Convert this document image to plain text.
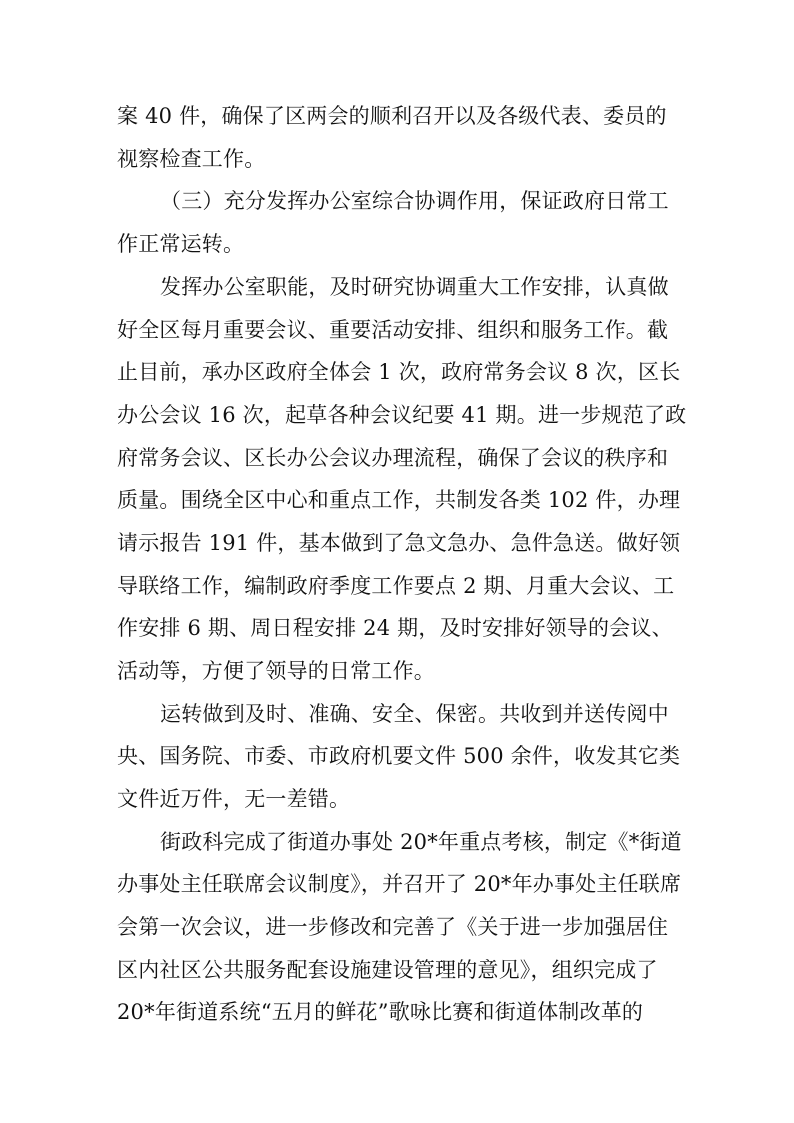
案 40 件，确保了区两会的顺利召开以及各级代表、委员的
视察检查工作。
（三）充分发挥办公室综合协调作用，保证政府日常工
作正常运转。
发挥办公室职能，及时研究协调重大工作安排，认真做
好全区每月重要会议、重要活动安排、组织和服务工作。截
止目前，承办区政府全体会 1 次，政府常务会议 8 次，区长
办公会议 16 次，起草各种会议纪要 41 期。进一步规范了政
府常务会议、区长办公会议办理流程，确保了会议的秩序和
质量。围绕全区中心和重点工作，共制发各类 102 件，办理
请示报告 191 件，基本做到了急文急办、急件急送。做好领
导联络工作，编制政府季度工作要点 2 期、月重大会议、工
作安排 6 期、周日程安排 24 期，及时安排好领导的会议、
活动等，方便了领导的日常工作。
运转做到及时、准确、安全、保密。共收到并送传阅中
央、国务院、市委、市政府机要文件 500 余件，收发其它类
文件近万件，无一差错。
街政科完成了街道办事处 20*年重点考核，制定《*街道
办事处主任联席会议制度》，并召开了 20*年办事处主任联席
会第一次会议，进一步修改和完善了《关于进一步加强居住
区内社区公共服务配套设施建设管理的意见》，组织完成了
20*年街道系统“五月的鲜花”歌咏比赛和街道体制改革的
